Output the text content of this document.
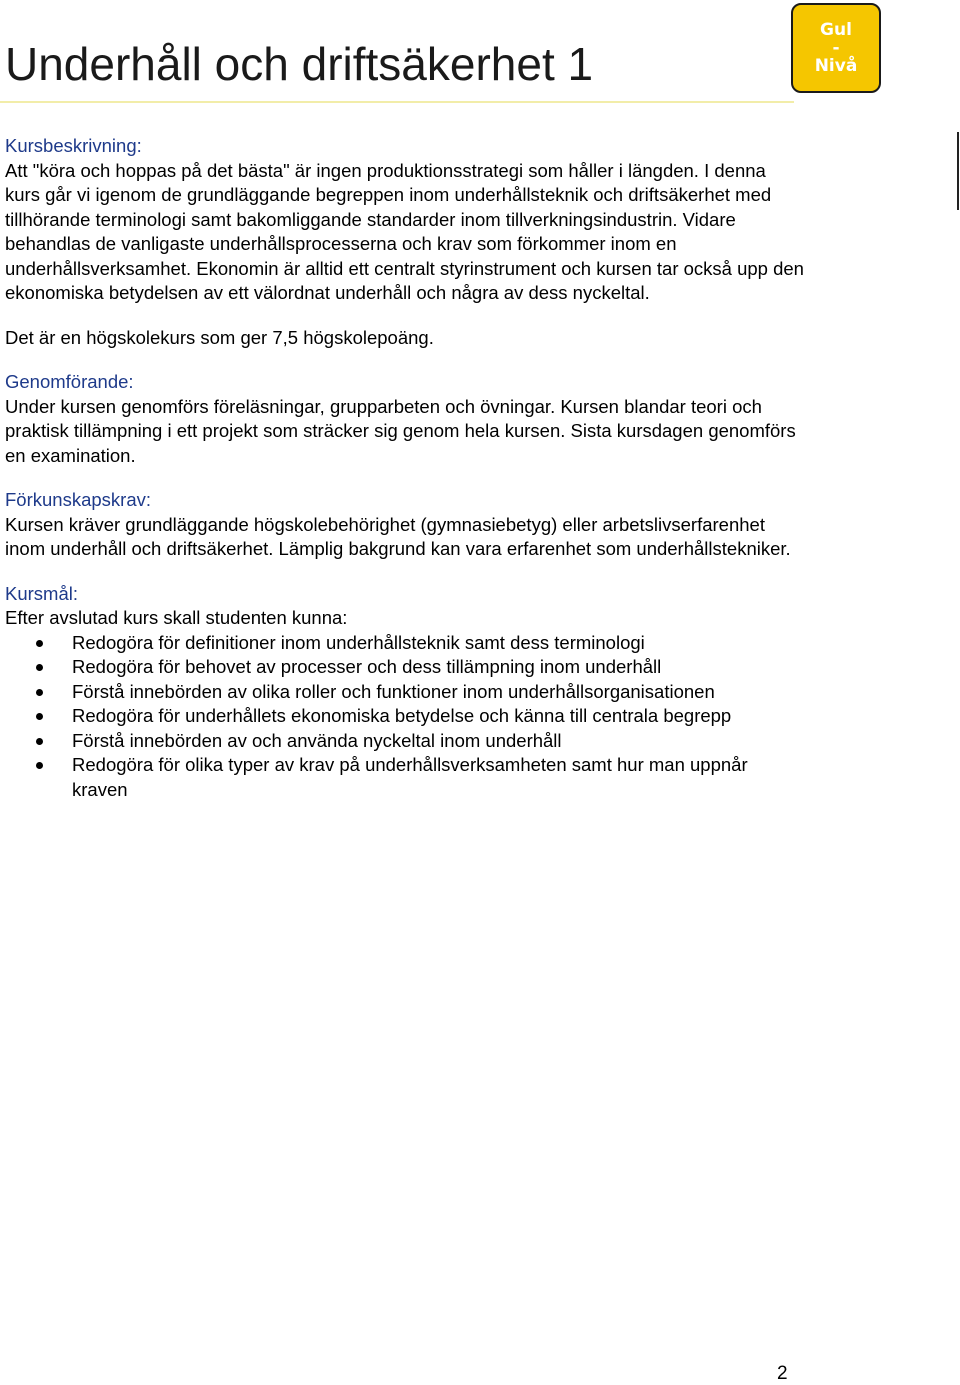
Underhåll och driftsäkerhet 1
Gul
-
Nivå

Kursbeskrivning:

Att "köra och hoppas på det bästa" är ingen produktionsstrategi som håller i längden. I denna kurs går vi igenom de grundläggande begreppen inom underhållsteknik och driftsäkerhet med tillhörande terminologi samt bakomliggande standarder inom tillverkningsindustrin. Vidare behandlas de vanligaste underhållsprocesserna och krav som förkommer inom en underhållsverksamhet. Ekonomin är alltid ett centralt styrinstrument och kursen tar också upp den ekonomiska betydelsen av ett välordnat underhåll och några av dess nyckeltal.

Det är en högskolekurs som ger 7,5 högskolepoäng.

Genomförande:

Under kursen genomförs föreläsningar, grupparbeten och övningar. Kursen blandar teori och praktisk tillämpning i ett projekt som sträcker sig genom hela kursen. Sista kursdagen genomförs en examination.

Förkunskapskrav:

Kursen kräver grundläggande högskolebehörighet (gymnasiebetyg) eller arbetslivserfarenhet inom underhåll och driftsäkerhet. Lämplig bakgrund kan vara erfarenhet som underhållstekniker.

Kursmål:

Efter avslutad kurs skall studenten kunna:

Redogöra för definitioner inom underhållsteknik samt dess terminologi
Redogöra för behovet av processer och dess tillämpning inom underhåll
Förstå innebörden av olika roller och funktioner inom underhållsorganisationen
Redogöra för underhållets ekonomiska betydelse och känna till centrala begrepp
Förstå innebörden av och använda nyckeltal inom underhåll
Redogöra för olika typer av krav på underhållsverksamheten samt hur man uppnår kraven
2
